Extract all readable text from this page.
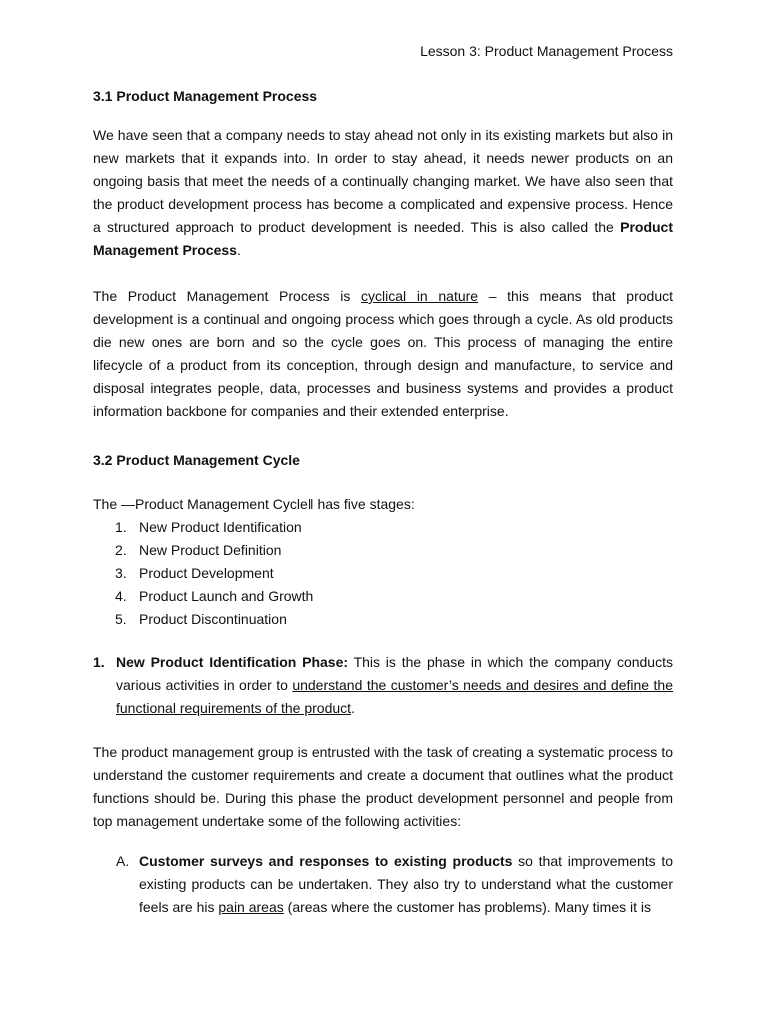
Lesson 3: Product Management Process
3.1 Product Management Process
We have seen that a company needs to stay ahead not only in its existing markets but also in new markets that it expands into. In order to stay ahead, it needs newer products on an ongoing basis that meet the needs of a continually changing market. We have also seen that the product development process has become a complicated and expensive process. Hence a structured approach to product development is needed. This is also called the Product Management Process.
The Product Management Process is cyclical in nature – this means that product development is a continual and ongoing process which goes through a cycle. As old products die new ones are born and so the cycle goes on. This process of managing the entire lifecycle of a product from its conception, through design and manufacture, to service and disposal integrates people, data, processes and business systems and provides a product information backbone for companies and their extended enterprise.
3.2 Product Management Cycle
The ―Product Management Cycle‖ has five stages:
1. New Product Identification
2. New Product Definition
3. Product Development
4. Product Launch and Growth
5. Product Discontinuation
1. New Product Identification Phase: This is the phase in which the company conducts various activities in order to understand the customer’s needs and desires and define the functional requirements of the product.
The product management group is entrusted with the task of creating a systematic process to understand the customer requirements and create a document that outlines what the product functions should be. During this phase the product development personnel and people from top management undertake some of the following activities:
A. Customer surveys and responses to existing products so that improvements to existing products can be undertaken. They also try to understand what the customer feels are his pain areas (areas where the customer has problems). Many times it is
